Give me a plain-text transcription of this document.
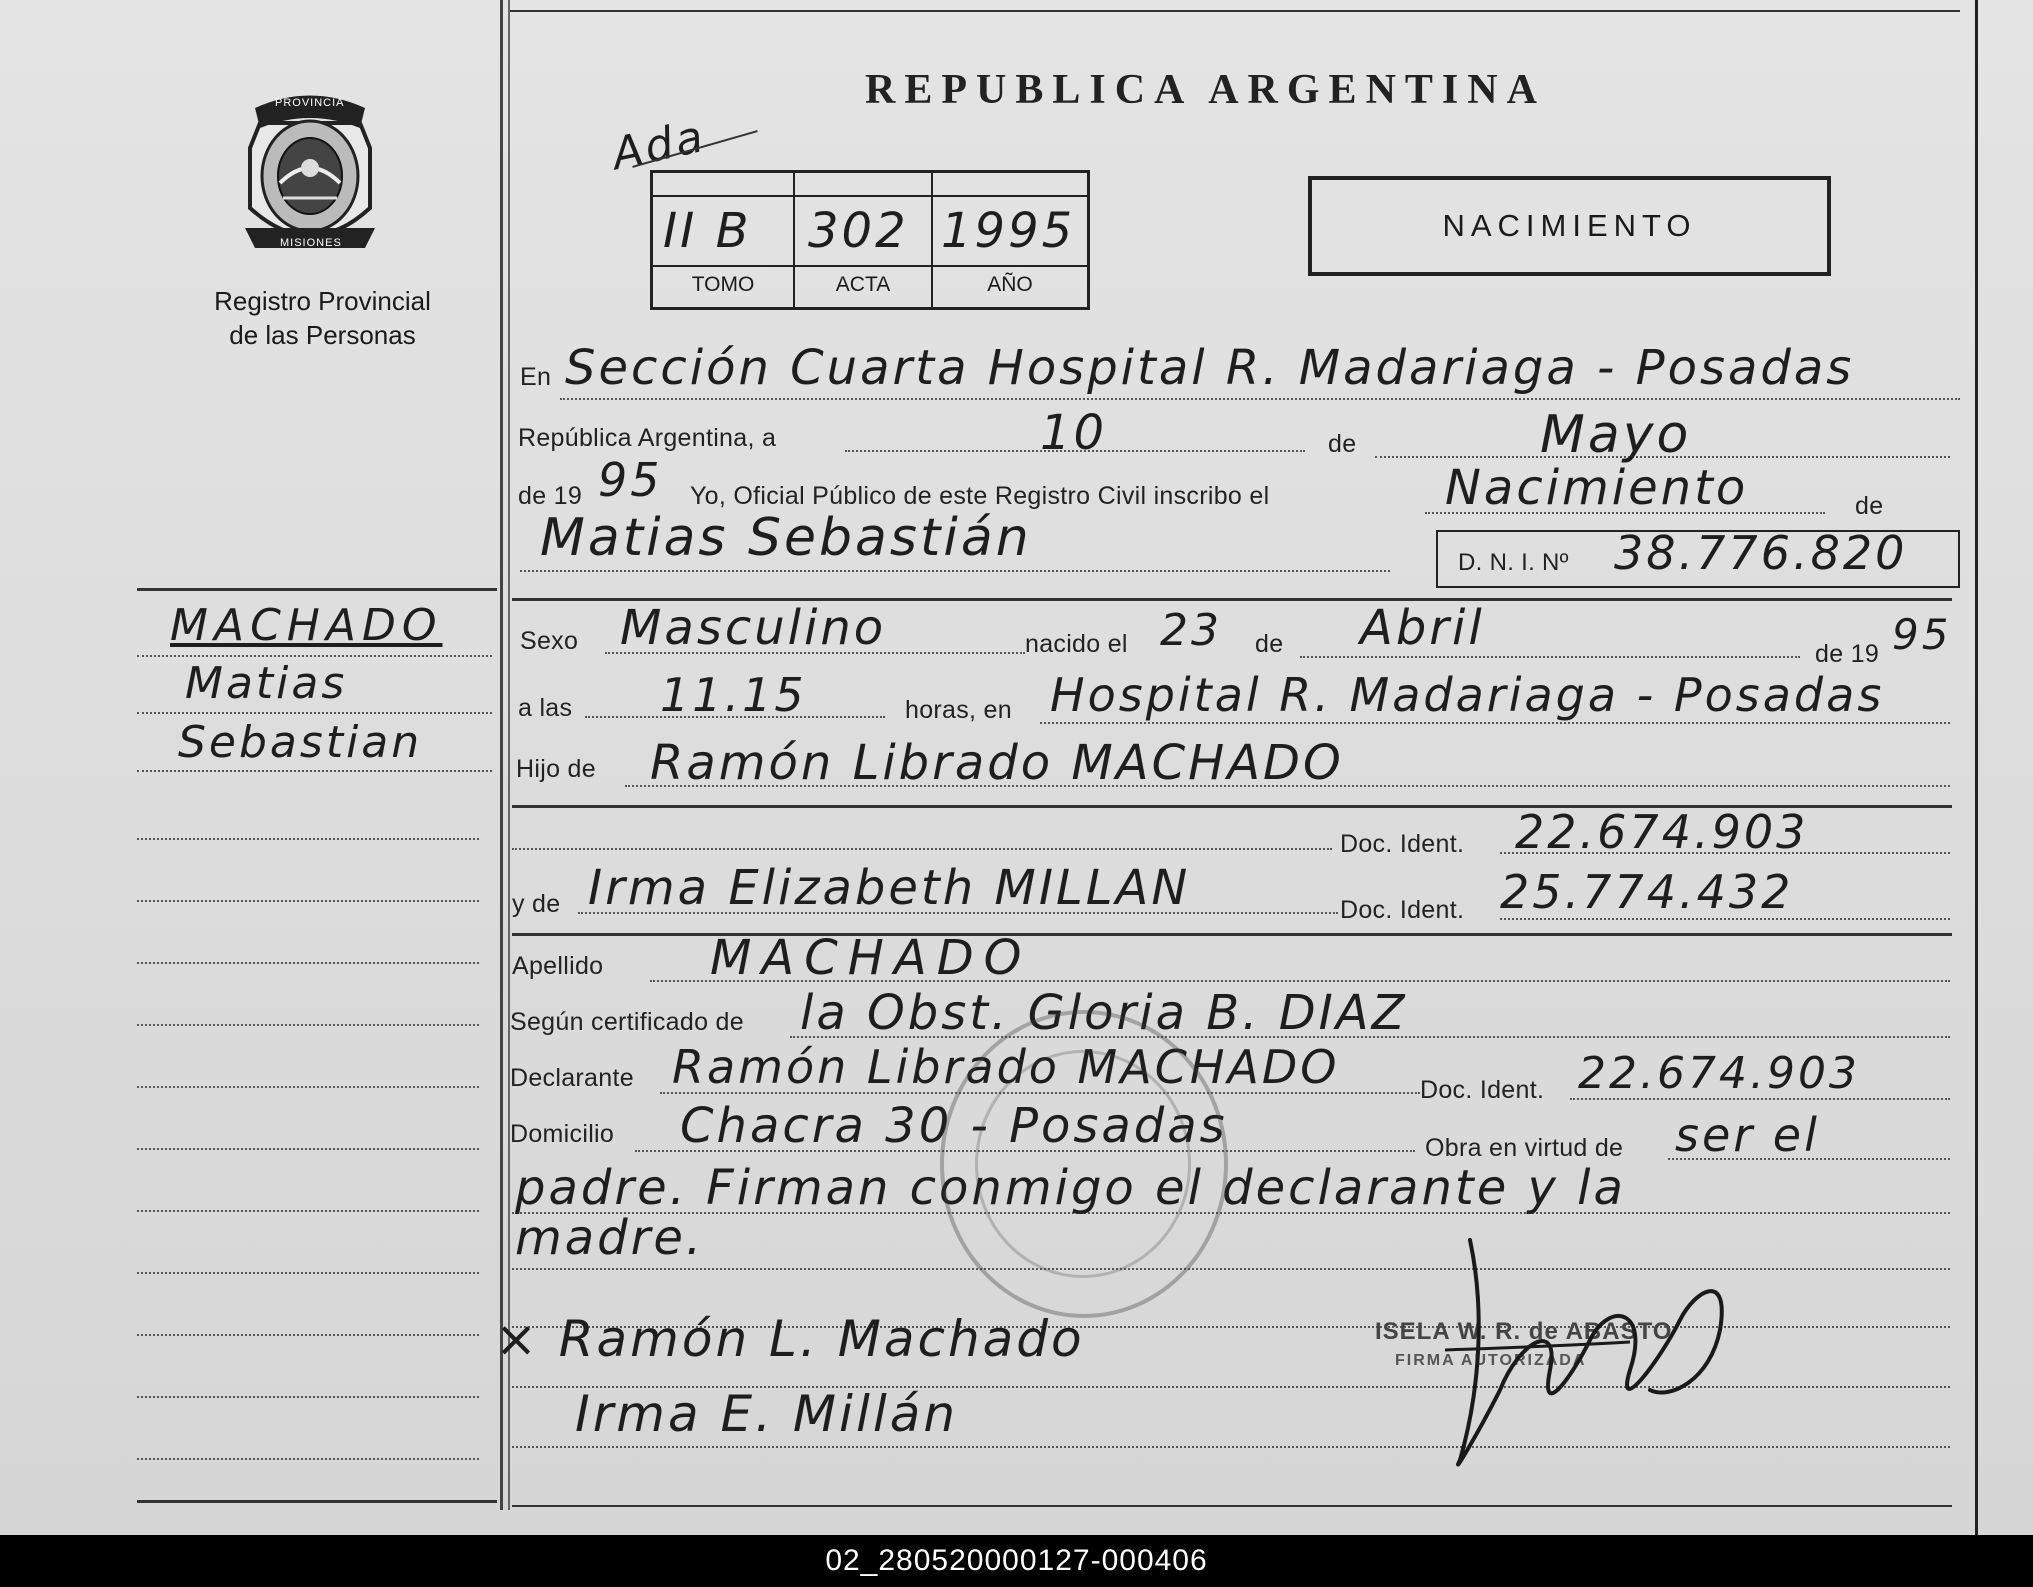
PROVINCIA
MISIONES
Registro Provincial
de las Personas
REPUBLICA ARGENTINA
Ada
II B 302 1995
TOMO	ACTA	AÑO
NACIMIENTO
En Sección Cuarta Hospital R. Madariaga - Posadas
República Argentina, a	10	de	Mayo
de 19 95 Yo, Oficial Público de este Registro Civil inscribo el	Nacimiento	de
Matias Sebastián	D. N. I. Nº 38.776.820
MACHADO
Matias
Sebastian
Sexo Masculino	nacido el 23 de Abril	de 19 95
a las 11.15	horas, en Hospital R. Madariaga - Posadas
Hijo de Ramón Librado MACHADO
Doc. Ident. 22.674.903
y de Irma Elizabeth MILLAN	Doc. Ident. 25.774.432
Apellido MACHADO
Según certificado de la Obst. Gloria B. DIAZ
Declarante Ramón Librado MACHADO	Doc. Ident. 22.674.903
Domicilio Chacra 30 - Posadas	Obra en virtud de ser el
padre. Firman conmigo el declarante y la
madre.
× Ramón L. Machado
Irma E. Millán
ISELA W. R. de ABASTO
FIRMA AUTORIZADA
02_280520000127-000406
